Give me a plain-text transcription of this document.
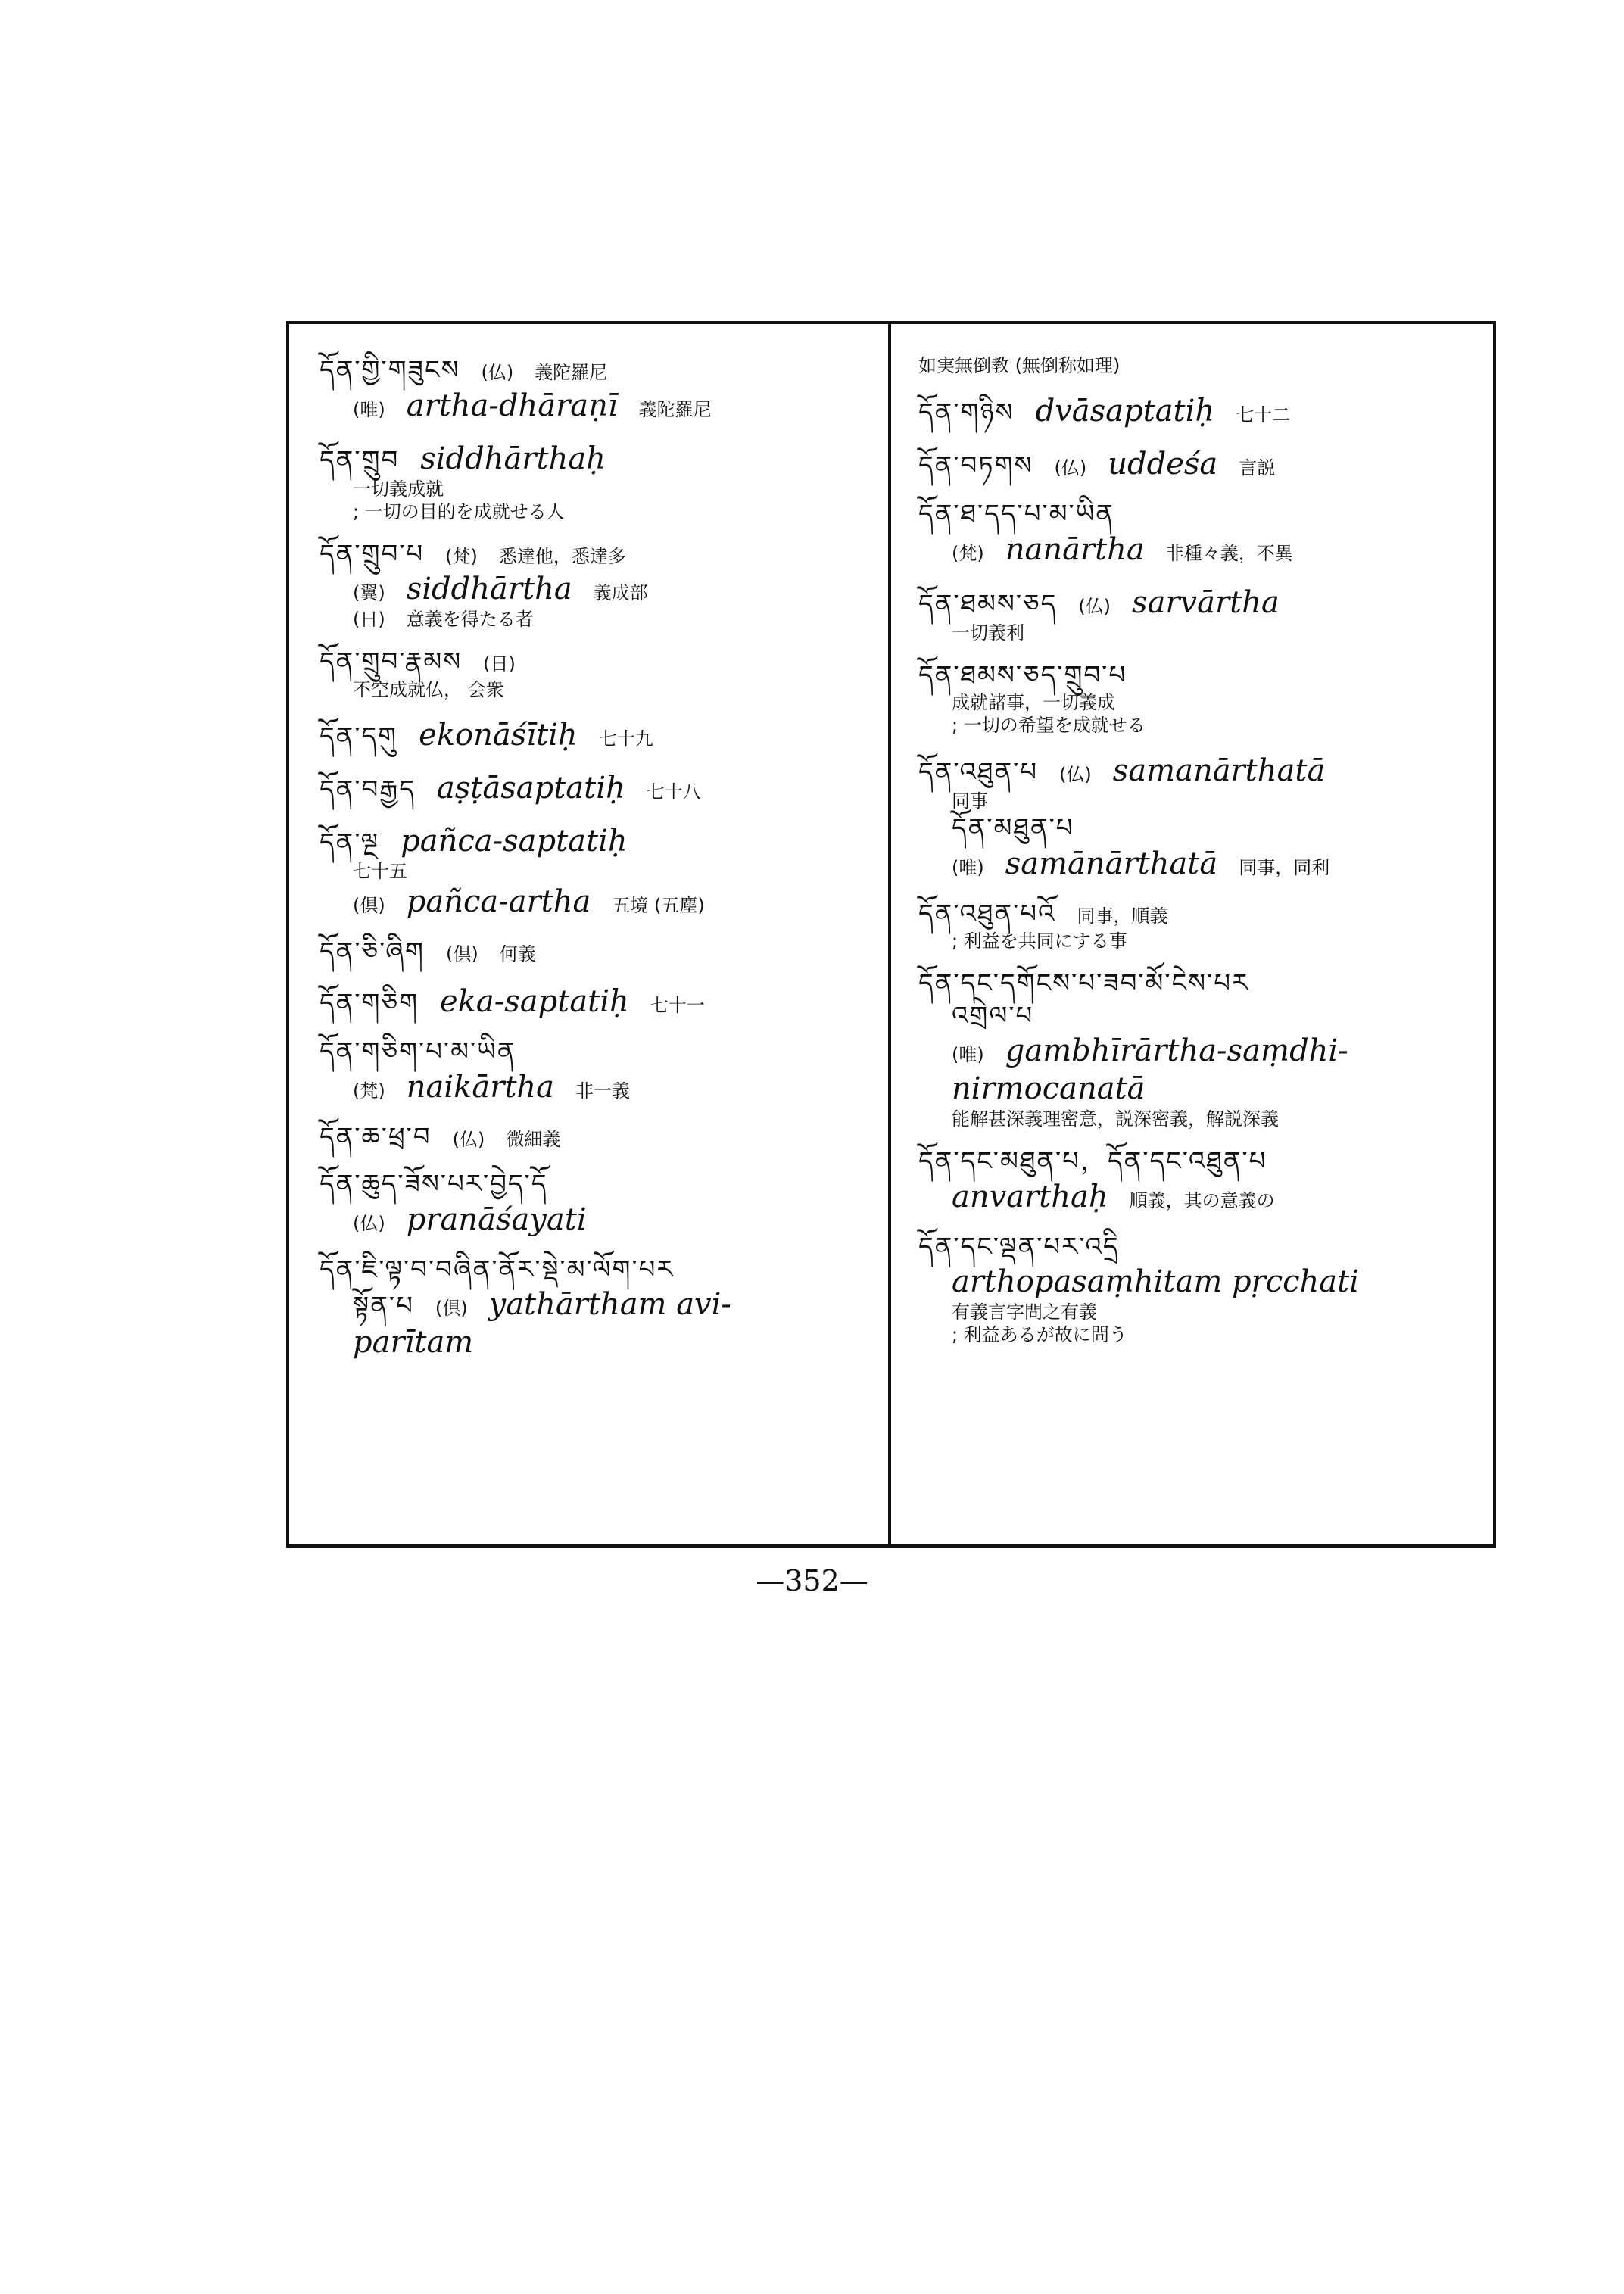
དོན་གྱི་གཟུངས (仏) 義陀羅尼
(唯) artha-dhāraṇī 義陀羅尼
དོན་གྲུབ siddhārthaḥ
一切義成就
; 一切の目的を成就せる人
དོན་གྲུབ་པ (梵) 悉達他，悉達多
(翼) siddhārtha 義成部
(日) 意義を得たる者
དོན་གྲུབ་རྣམས (日)
不空成就仏， 会衆
དོན་དགུ ekonāśītiḥ 七十九
དོན་བརྒྱད aṣṭāsaptatiḥ 七十八
དོན་ལྔ pañca-saptatiḥ
七十五
(倶) pañca-artha 五境 (五塵)
དོན་ཅི་ཞིག (倶) 何義
དོན་གཅིག eka-saptatiḥ 七十一
དོན་གཅིག་པ་མ་ཡིན
(梵) naikārtha 非一義
དོན་ཆ་ཕྲ་བ (仏) 微細義
དོན་ཆུད་ཟོས་པར་བྱེད་དོ
(仏) pranāśayati
དོན་ཇི་ལྟ་བ་བཞིན་ནོར་སྡེ་མ་ལོག་པར
སྟོན་པ (倶) yathārtham avi-
parītam
如実無倒教 (無倒称如理)
དོན་གཉིས dvāsaptatiḥ 七十二
དོན་བཏགས (仏) uddeśa 言説
དོན་ཐ་དད་པ་མ་ཡིན
(梵) nanārtha 非種々義，不異
དོན་ཐམས་ཅད (仏) sarvārtha
一切義利
དོན་ཐམས་ཅད་གྲུབ་པ
成就諸事，一切義成
; 一切の希望を成就せる
དོན་འཐུན་པ (仏) samanārthatā
同事
དོན་མཐུན་པ
(唯) samānārthatā 同事，同利
དོན་འཐུན་པའོ 同事，順義
; 利益を共同にする事
དོན་དང་དགོངས་པ་ཟབ་མོ་ངེས་པར
འགྲེལ་པ
(唯) gambhīrārtha-saṃdhi-
nirmocanatā
能解甚深義理密意，説深密義，解説深義
དོན་དང་མཐུན་པ，དོན་དང་འཐུན་པ
anvarthaḥ 順義，其の意義の
དོན་དང་ལྡན་པར་འདྲི
arthopasaṃhitam pṛcchati
有義言字問之有義
; 利益あるが故に問う
—352—
